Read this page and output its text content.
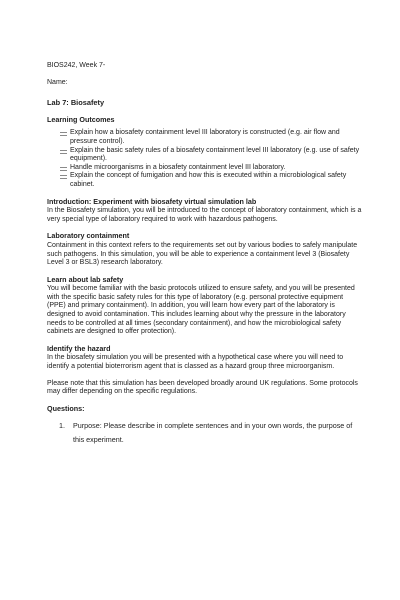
BIOS242, Week 7-

Name:

Lab 7: Biosafety

Learning Outcomes

Explain how a biosafety containment level III laboratory is constructed (e.g. air flow and pressure control).
Explain the basic safety rules of a biosafety containment level III laboratory (e.g. use of safety equipment).
Handle microorganisms in a biosafety containment level III laboratory.
Explain the concept of fumigation and how this is executed within a microbiological safety cabinet.

Introduction: Experiment with biosafety virtual simulation lab

In the Biosafety simulation, you will be introduced to the concept of laboratory containment, which is a very special type of laboratory required to work with hazardous pathogens.

Laboratory containment

Containment in this context refers to the requirements set out by various bodies to safely manipulate such pathogens. In this simulation, you will be able to experience a containment level 3 (Biosafety Level 3 or BSL3) research laboratory.

Learn about lab safety

You will become familiar with the basic protocols utilized to ensure safety, and you will be presented with the specific basic safety rules for this type of laboratory (e.g. personal protective equipment (PPE) and primary containment). In addition, you will learn how every part of the laboratory is designed to avoid contamination. This includes learning about why the pressure in the laboratory needs to be controlled at all times (secondary containment), and how the microbiological safety cabinets are designed to offer protection).

Identify the hazard

In the biosafety simulation you will be presented with a hypothetical case where you will need to identify a potential bioterrorism agent that is classed as a hazard group three microorganism.

Please note that this simulation has been developed broadly around UK regulations. Some protocols may differ depending on the specific regulations.

Questions:

1. Purpose: Please describe in complete sentences and in your own words, the purpose of this experiment.
